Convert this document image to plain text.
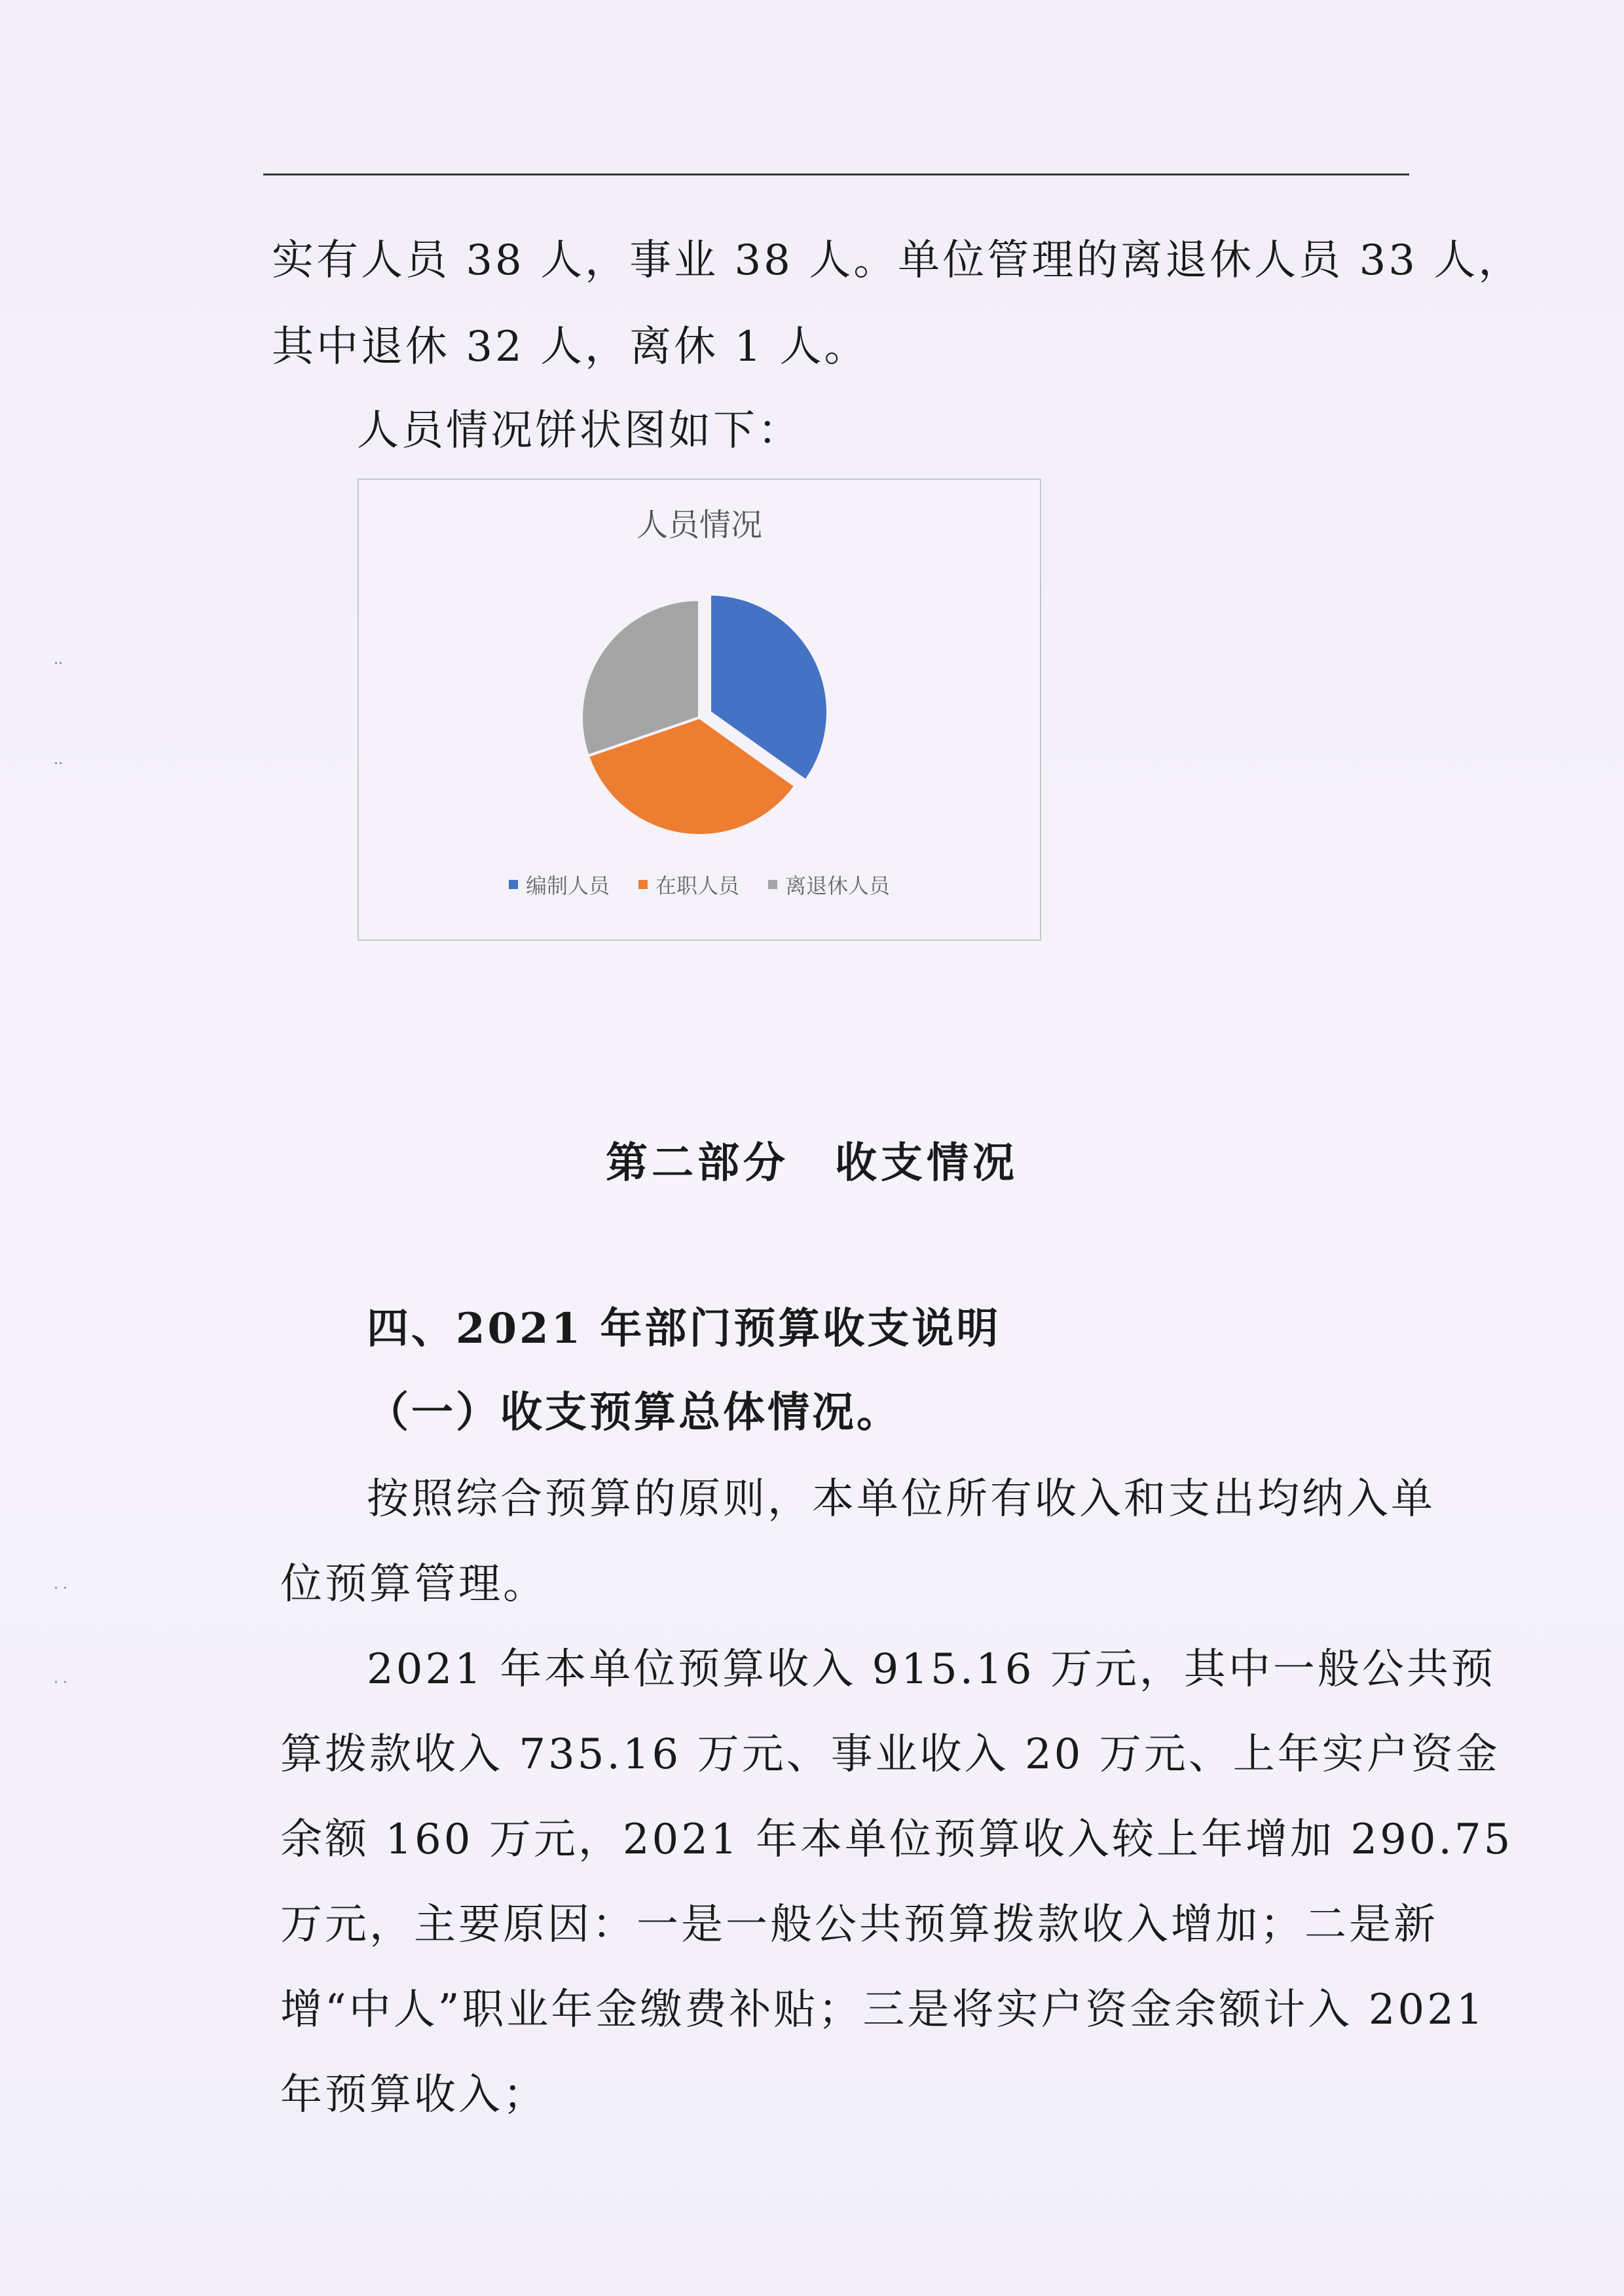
实有人员 38 人，事业 38 人。单位管理的离退休人员 33 人，
其中退休 32 人，离休 1 人。
人员情况饼状图如下：
人员情况
编制人员 在职人员 离退休人员
第二部分　收支情况
四、2021 年部门预算收支说明
（一）收支预算总体情况。
按照综合预算的原则，本单位所有收入和支出均纳入单
位预算管理。
2021 年本单位预算收入 915.16 万元，其中一般公共预
算拨款收入 735.16 万元、事业收入 20 万元、上年实户资金
余额 160 万元，2021 年本单位预算收入较上年增加 290.75
万元，主要原因：一是一般公共预算拨款收入增加；二是新
增“中人”职业年金缴费补贴；三是将实户资金余额计入 2021
年预算收入；
..
..
· ·
· ·
